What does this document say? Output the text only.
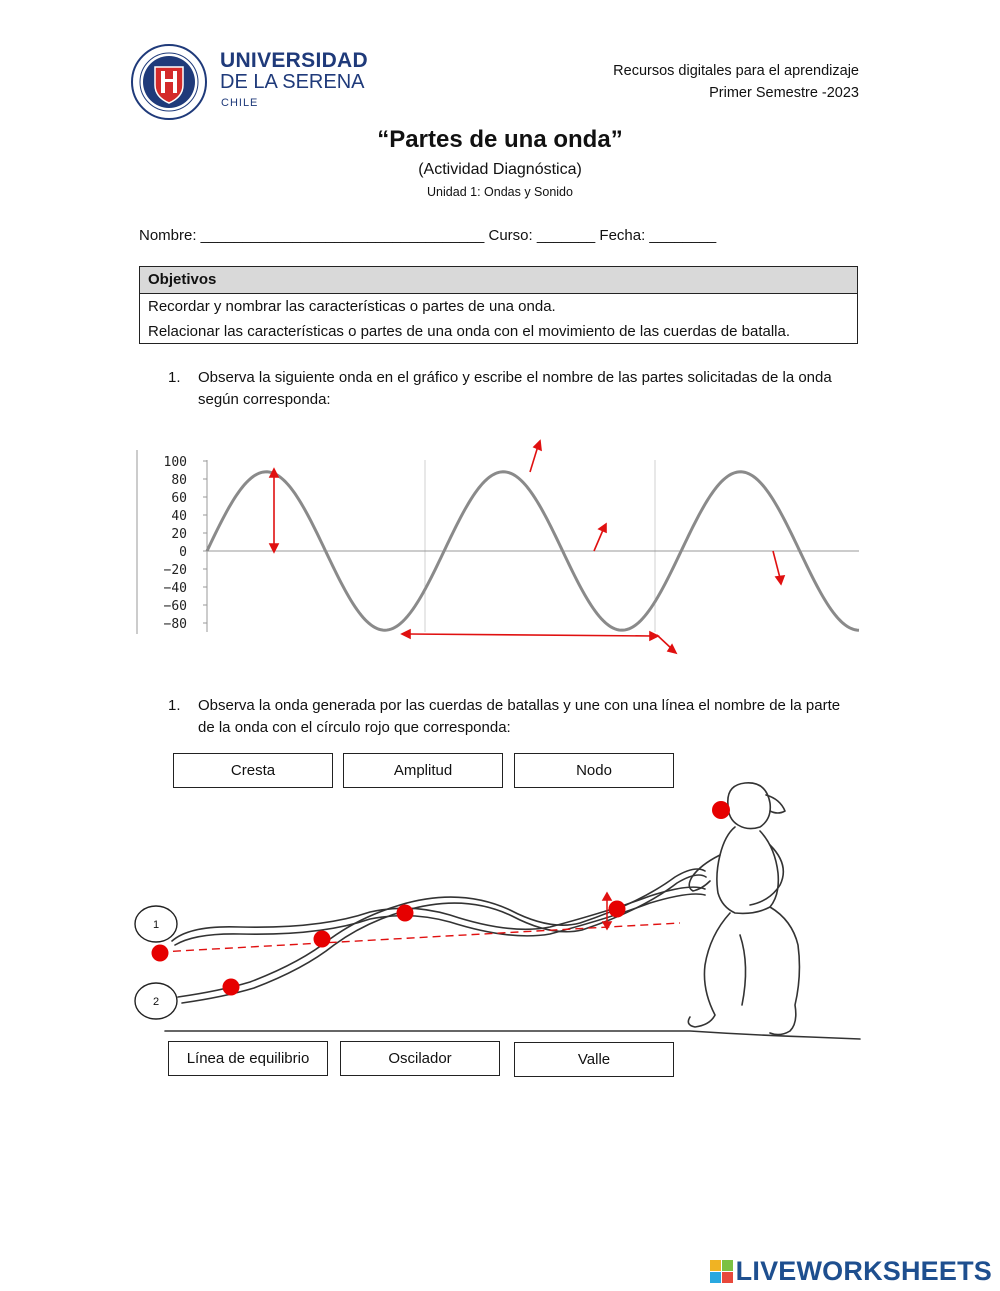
UNIVERSIDAD
DE LA SERENA
CHILE
Recursos digitales para el aprendizaje
Primer Semestre -2023
“Partes de una onda”
(Actividad Diagnóstica)
Unidad 1: Ondas y Sonido
Nombre: __________________________________ Curso: _______ Fecha: ________
Objetivos
Recordar y nombrar las características o partes de una onda.
Relacionar las características o partes de una onda con el movimiento de las cuerdas de batalla.
1.	Observa la siguiente onda en el gráfico y escribe el nombre de las partes solicitadas de la onda según corresponda:
100
80
60
40
20
0
−20
−40
−60
−80
1.	Observa la onda generada por las cuerdas de batallas y une con una línea el nombre de la parte de la onda con el círculo rojo que corresponda:
Cresta	Amplitud	Nodo
1
2
Línea de equilibrio	Oscilador	Valle
LIVEWORKSHEETS
